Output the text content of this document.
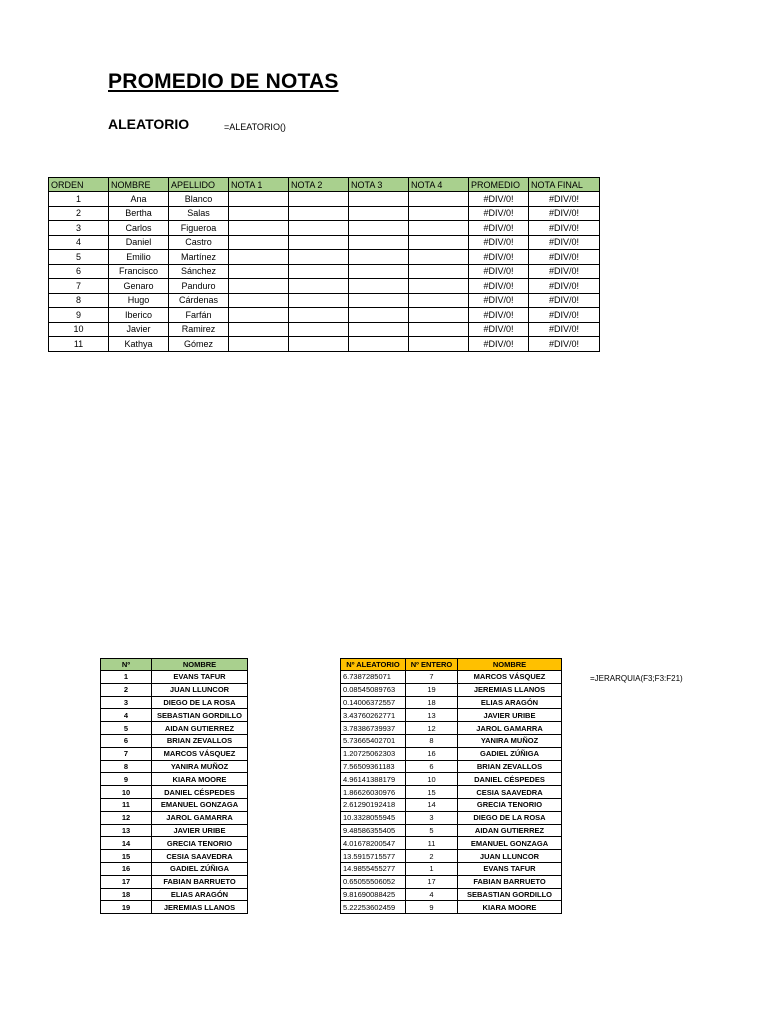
PROMEDIO DE NOTAS
ALEATORIO	=ALEATORIO()
=JERARQUIA(F3;F3:F21)
ORDEN	NOMBRE	APELLIDO	NOTA 1	NOTA 2	NOTA 3	NOTA 4	PROMEDIO	NOTA FINAL
1	Ana	Blanco					#DIV/0!	#DIV/0!
2	Bertha	Salas					#DIV/0!	#DIV/0!
3	Carlos	Figueroa					#DIV/0!	#DIV/0!
4	Daniel	Castro					#DIV/0!	#DIV/0!
5	Emilio	Martínez					#DIV/0!	#DIV/0!
6	Francisco	Sánchez					#DIV/0!	#DIV/0!
7	Genaro	Panduro					#DIV/0!	#DIV/0!
8	Hugo	Cárdenas					#DIV/0!	#DIV/0!
9	Iberico	Farfán					#DIV/0!	#DIV/0!
10	Javier	Ramirez					#DIV/0!	#DIV/0!
11	Kathya	Gómez					#DIV/0!	#DIV/0!
Nº	NOMBRE
1	EVANS TAFUR
2	JUAN LLUNCOR
3	DIEGO DE LA ROSA
4	SEBASTIAN GORDILLO
5	AIDAN GUTIERREZ
6	BRIAN ZEVALLOS
7	MARCOS VÁSQUEZ
8	YANIRA MUÑOZ
9	KIARA MOORE
10	DANIEL CÉSPEDES
11	EMANUEL GONZAGA
12	JAROL GAMARRA
13	JAVIER URIBE
14	GRECIA TENORIO
15	CESIA SAAVEDRA
16	GADIEL ZÚÑIGA
17	FABIAN BARRUETO
18	ELIAS ARAGÓN
19	JEREMIAS LLANOS
Nº ALEATORIO	Nº ENTERO	NOMBRE
6.7387285071	7	MARCOS VÁSQUEZ
0.08545089763	19	JEREMIAS LLANOS
0.14006372557	18	ELIAS ARAGÓN
3.43760262771	13	JAVIER URIBE
3.78386739937	12	JAROL GAMARRA
5.73665402701	8	YANIRA MUÑOZ
1.20725062303	16	GADIEL ZÚÑIGA
7.56509361183	6	BRIAN ZEVALLOS
4.96141388179	10	DANIEL CÉSPEDES
1.86626030976	15	CESIA SAAVEDRA
2.61290192418	14	GRECIA TENORIO
10.3328055945	3	DIEGO DE LA ROSA
9.48586355405	5	AIDAN GUTIERREZ
4.01678200547	11	EMANUEL GONZAGA
13.5915715577	2	JUAN LLUNCOR
14.9855455277	1	EVANS TAFUR
0.65055506052	17	FABIAN BARRUETO
9.81690088425	4	SEBASTIAN GORDILLO
5.22253602459	9	KIARA MOORE
